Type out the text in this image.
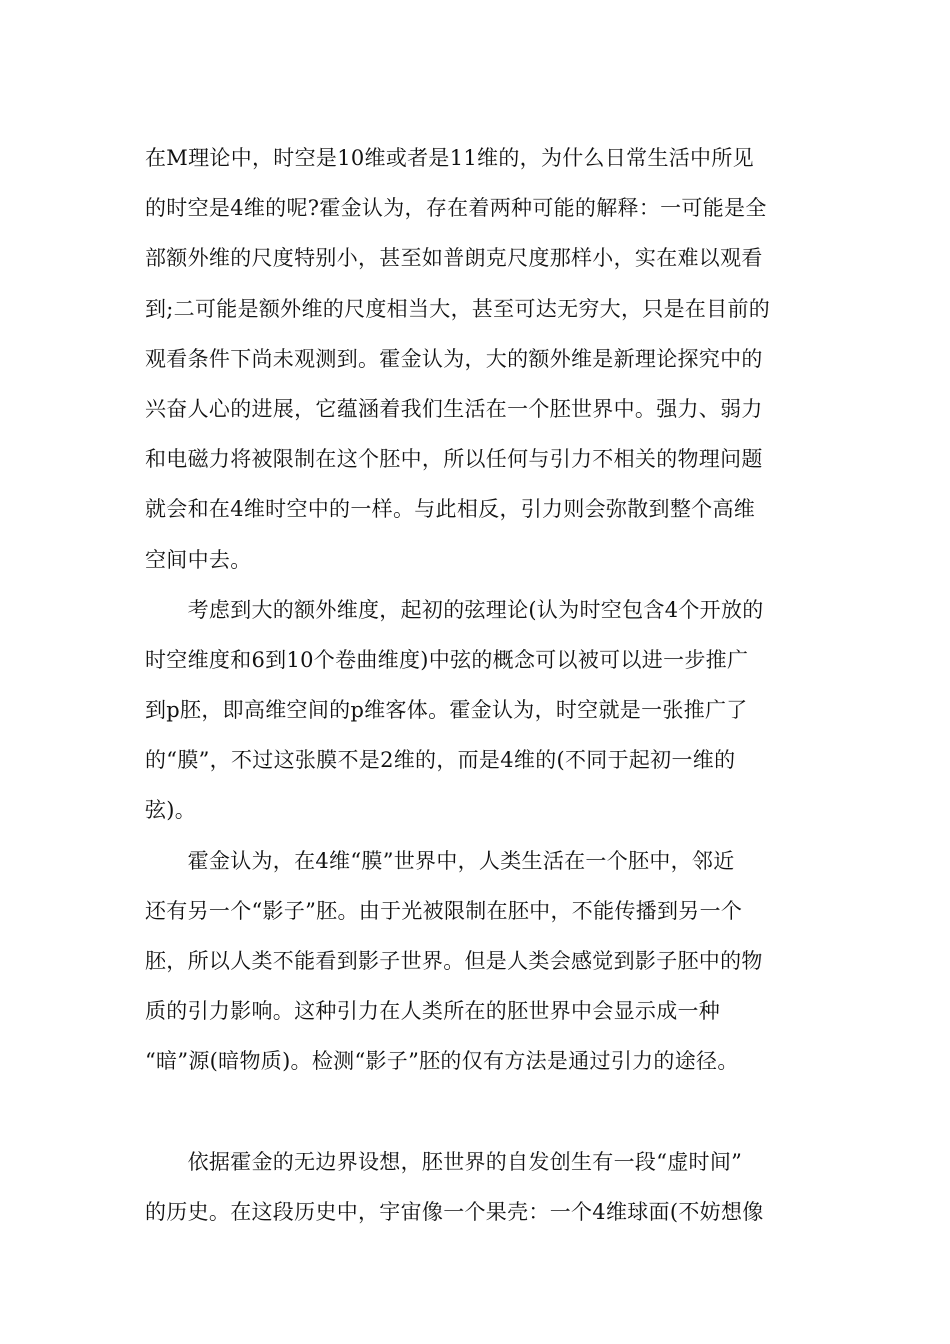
在M理论中，时空是10维或者是11维的，为什么日常生活中所见
的时空是4维的呢?霍金认为，存在着两种可能的解释：一可能是全
部额外维的尺度特别小，甚至如普朗克尺度那样小，实在难以观看
到;二可能是额外维的尺度相当大，甚至可达无穷大，只是在目前的
观看条件下尚未观测到。霍金认为，大的额外维是新理论探究中的
兴奋人心的进展，它蕴涵着我们生活在一个胚世界中。强力、弱力
和电磁力将被限制在这个胚中，所以任何与引力不相关的物理问题
就会和在4维时空中的一样。与此相反，引力则会弥散到整个高维
空间中去。
　　考虑到大的额外维度，起初的弦理论(认为时空包含4个开放的
时空维度和6到10个卷曲维度)中弦的概念可以被可以进一步推广
到p胚，即高维空间的p维客体。霍金认为，时空就是一张推广了
的“膜”，不过这张膜不是2维的，而是4维的(不同于起初一维的
弦)。
　　霍金认为，在4维“膜”世界中，人类生活在一个胚中，邻近
还有另一个“影子”胚。由于光被限制在胚中，不能传播到另一个
胚，所以人类不能看到影子世界。但是人类会感觉到影子胚中的物
质的引力影响。这种引力在人类所在的胚世界中会显示成一种
“暗”源(暗物质)。检测“影子”胚的仅有方法是通过引力的途径。
　　依据霍金的无边界设想，胚世界的自发创生有一段“虚时间”
的历史。在这段历史中，宇宙像一个果壳：一个4维球面(不妨想像
